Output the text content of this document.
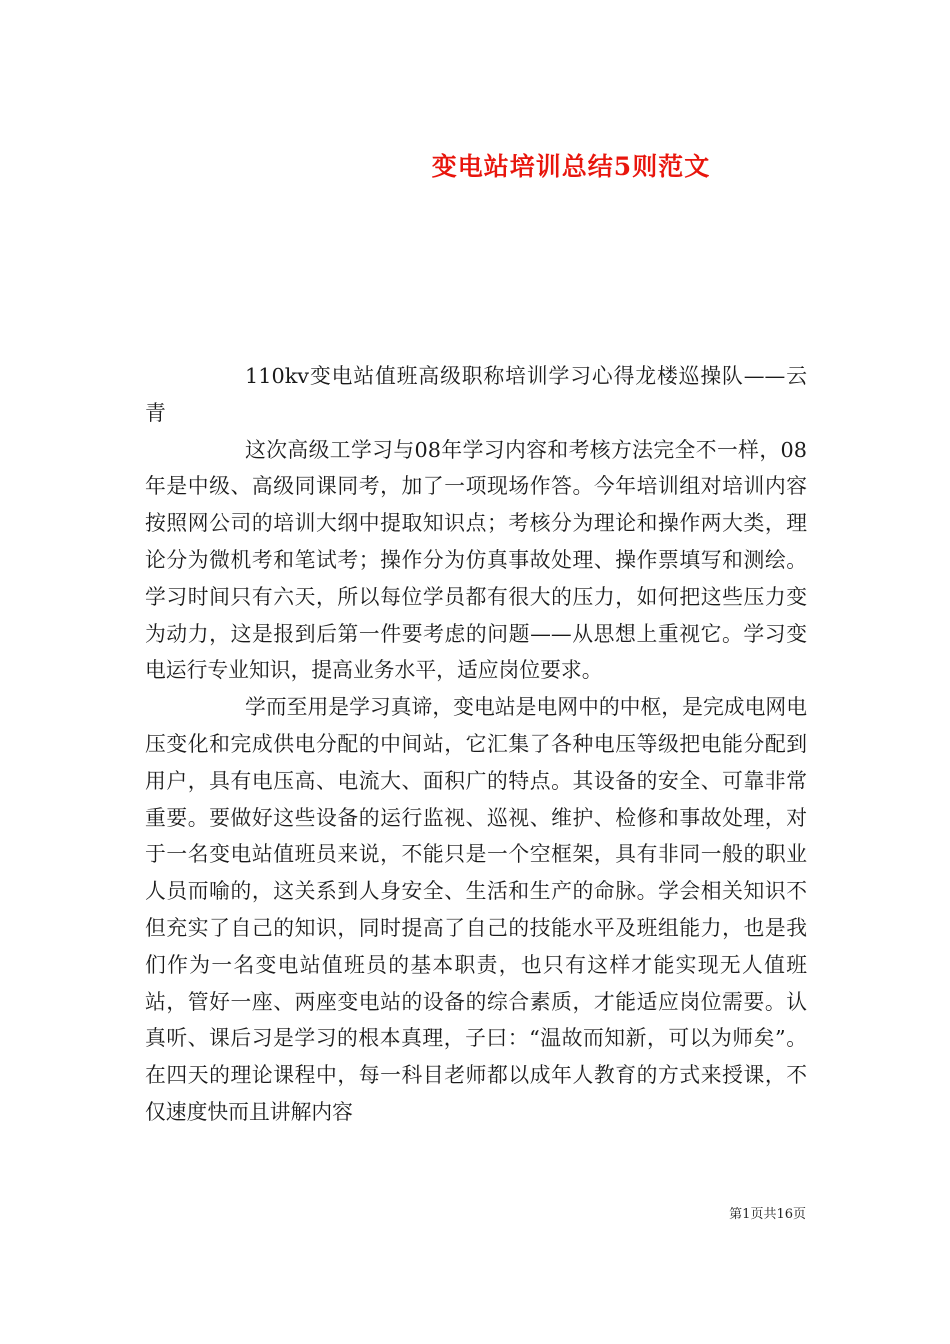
变电站培训总结5则范文

110kv变电站值班高级职称培训学习心得龙楼巡操队——云青

这次高级工学习与08年学习内容和考核方法完全不一样，08年是中级、高级同课同考，加了一项现场作答。今年培训组对培训内容按照网公司的培训大纲中提取知识点；考核分为理论和操作两大类，理论分为微机考和笔试考；操作分为仿真事故处理、操作票填写和测绘。学习时间只有六天，所以每位学员都有很大的压力，如何把这些压力变为动力，这是报到后第一件要考虑的问题——从思想上重视它。学习变电运行专业知识，提高业务水平，适应岗位要求。

学而至用是学习真谛，变电站是电网中的中枢，是完成电网电压变化和完成供电分配的中间站，它汇集了各种电压等级把电能分配到用户，具有电压高、电流大、面积广的特点。其设备的安全、可靠非常重要。要做好这些设备的运行监视、巡视、维护、检修和事故处理，对于一名变电站值班员来说，不能只是一个空框架，具有非同一般的职业人员而喻的，这关系到人身安全、生活和生产的命脉。学会相关知识不但充实了自己的知识，同时提高了自己的技能水平及班组能力，也是我们作为一名变电站值班员的基本职责，也只有这样才能实现无人值班站，管好一座、两座变电站的设备的综合素质，才能适应岗位需要。认真听、课后习是学习的根本真理，子曰：“温故而知新，可以为师矣”。在四天的理论课程中，每一科目老师都以成年人教育的方式来授课，不仅速度快而且讲解内容

第1页共16页
